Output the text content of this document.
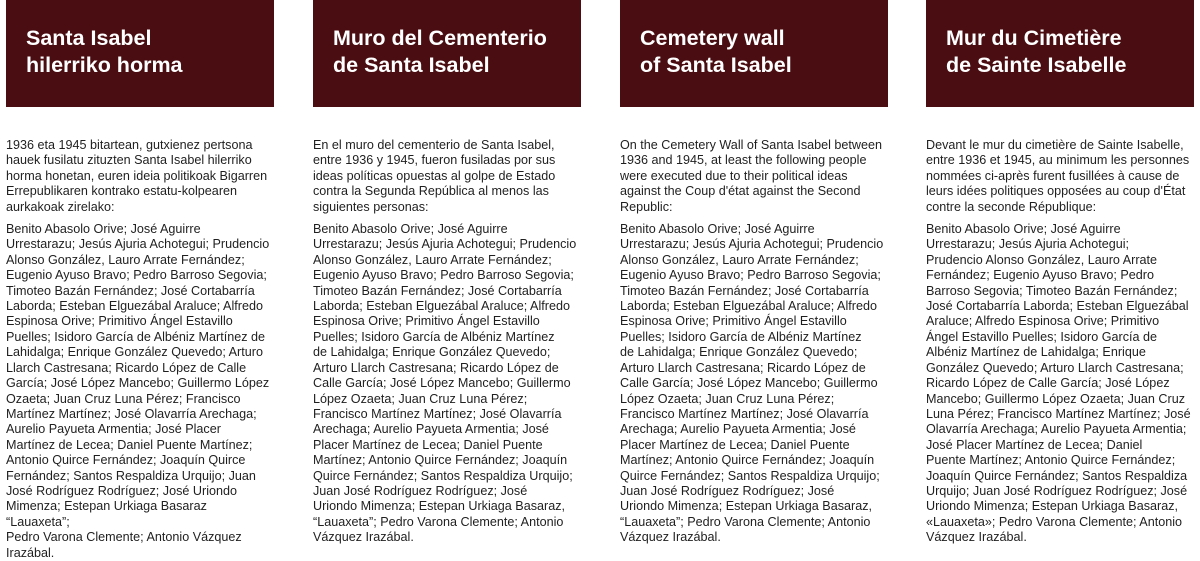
Santa Isabel
hilerriko horma

1936 eta 1945 bitartean, gutxienez pertsona
hauek fusilatu zituzten Santa Isabel hilerriko
horma honetan, euren ideia politikoak Bigarren
Errepublikaren kontrako estatu-kolpearen
aurkakoak zirelako:

Benito Abasolo Orive; José Aguirre
Urrestarazu; Jesús Ajuria Achotegui; Prudencio
Alonso González, Lauro Arrate Fernández;
Eugenio Ayuso Bravo; Pedro Barroso Segovia;
Timoteo Bazán Fernández; José Cortabarría
Laborda; Esteban Elguezábal Araluce; Alfredo
Espinosa Orive; Primitivo Ángel Estavillo
Puelles; Isidoro García de Albéniz Martínez de
Lahidalga; Enrique González Quevedo; Arturo
Llarch Castresana; Ricardo López de Calle
García; José López Mancebo; Guillermo López
Ozaeta; Juan Cruz Luna Pérez; Francisco
Martínez Martínez; José Olavarría Arechaga;
Aurelio Payueta Armentia; José Placer
Martínez de Lecea; Daniel Puente Martínez;
Antonio Quirce Fernández; Joaquín Quirce
Fernández; Santos Respaldiza Urquijo; Juan
José Rodríguez Rodríguez; José Uriondo
Mimenza; Estepan Urkiaga Basaraz “Lauaxeta”;
Pedro Varona Clemente; Antonio Vázquez
Irazábal.

Muro del Cementerio
de Santa Isabel

En el muro del cementerio de Santa Isabel,
entre 1936 y 1945, fueron fusiladas por sus
ideas políticas opuestas al golpe de Estado
contra la Segunda República al menos las
siguientes personas:

Benito Abasolo Orive; José Aguirre
Urrestarazu; Jesús Ajuria Achotegui; Prudencio
Alonso González, Lauro Arrate Fernández;
Eugenio Ayuso Bravo; Pedro Barroso Segovia;
Timoteo Bazán Fernández; José Cortabarría
Laborda; Esteban Elguezábal Araluce; Alfredo
Espinosa Orive; Primitivo Ángel Estavillo
Puelles; Isidoro García de Albéniz Martínez
de Lahidalga; Enrique González Quevedo;
Arturo Llarch Castresana; Ricardo López de
Calle García; José López Mancebo; Guillermo
López Ozaeta; Juan Cruz Luna Pérez;
Francisco Martínez Martínez; José Olavarría
Arechaga; Aurelio Payueta Armentia; José
Placer Martínez de Lecea; Daniel Puente
Martínez; Antonio Quirce Fernández; Joaquín
Quirce Fernández; Santos Respaldiza Urquijo;
Juan José Rodríguez Rodríguez; José
Uriondo Mimenza; Estepan Urkiaga Basaraz,
“Lauaxeta”; Pedro Varona Clemente; Antonio
Vázquez Irazábal.

Cemetery wall
of Santa Isabel

On the Cemetery Wall of Santa Isabel between
1936 and 1945, at least the following people
were executed due to their political ideas
against the Coup d'état against the Second
Republic:

Benito Abasolo Orive; José Aguirre
Urrestarazu; Jesús Ajuria Achotegui; Prudencio
Alonso González, Lauro Arrate Fernández;
Eugenio Ayuso Bravo; Pedro Barroso Segovia;
Timoteo Bazán Fernández; José Cortabarría
Laborda; Esteban Elguezábal Araluce; Alfredo
Espinosa Orive; Primitivo Ángel Estavillo
Puelles; Isidoro García de Albéniz Martínez
de Lahidalga; Enrique González Quevedo;
Arturo Llarch Castresana; Ricardo López de
Calle García; José López Mancebo; Guillermo
López Ozaeta; Juan Cruz Luna Pérez;
Francisco Martínez Martínez; José Olavarría
Arechaga; Aurelio Payueta Armentia; José
Placer Martínez de Lecea; Daniel Puente
Martínez; Antonio Quirce Fernández; Joaquín
Quirce Fernández; Santos Respaldiza Urquijo;
Juan José Rodríguez Rodríguez; José
Uriondo Mimenza; Estepan Urkiaga Basaraz,
“Lauaxeta”; Pedro Varona Clemente; Antonio
Vázquez Irazábal.

Mur du Cimetière
de Sainte Isabelle

Devant le mur du cimetière de Sainte Isabelle,
entre 1936 et 1945, au minimum les personnes
nommées ci-après furent fusillées à cause de
leurs idées politiques opposées au coup d'État
contre la seconde République:

Benito Abasolo Orive; José Aguirre
Urrestarazu; Jesús Ajuria Achotegui;
Prudencio Alonso González, Lauro Arrate
Fernández; Eugenio Ayuso Bravo; Pedro
Barroso Segovia; Timoteo Bazán Fernández;
José Cortabarría Laborda; Esteban Elguezábal
Araluce; Alfredo Espinosa Orive; Primitivo
Ángel Estavillo Puelles; Isidoro García de
Albéniz Martínez de Lahidalga; Enrique
González Quevedo; Arturo Llarch Castresana;
Ricardo López de Calle García; José López
Mancebo; Guillermo López Ozaeta; Juan Cruz
Luna Pérez; Francisco Martínez Martínez; José
Olavarría Arechaga; Aurelio Payueta Armentia;
José Placer Martínez de Lecea; Daniel
Puente Martínez; Antonio Quirce Fernández;
Joaquín Quirce Fernández; Santos Respaldiza
Urquijo; Juan José Rodríguez Rodríguez; José
Uriondo Mimenza; Estepan Urkiaga Basaraz,
«Lauaxeta»; Pedro Varona Clemente; Antonio
Vázquez Irazábal.
